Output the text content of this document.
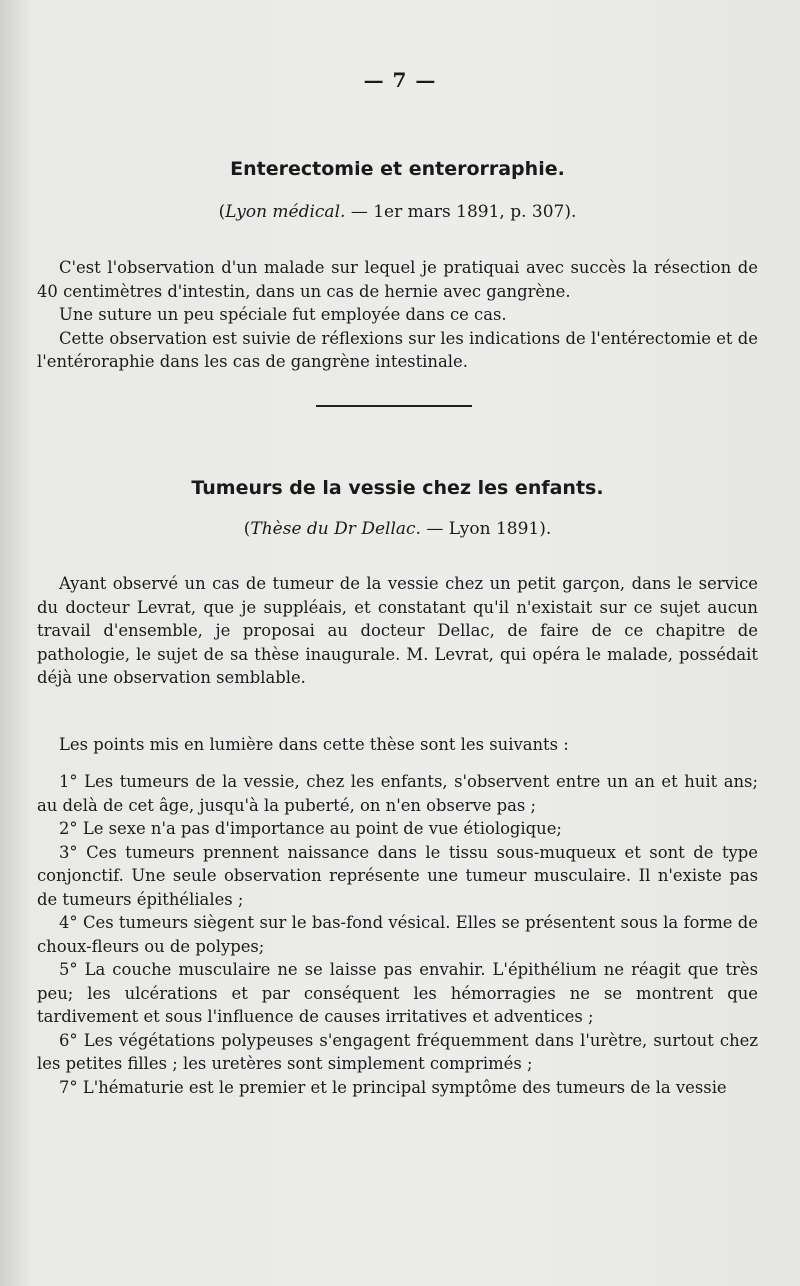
— 7 —
Enterectomie et enterorraphie.
(Lyon médical. — 1er mars 1891, p. 307).

C'est l'observation d'un malade sur lequel je pratiquai avec succès la résection de 40 centimètres d'intestin, dans un cas de hernie avec gangrène.

Une suture un peu spéciale fut employée dans ce cas.

Cette observation est suivie de réflexions sur les indications de l'entérectomie et de l'entéroraphie dans les cas de gangrène intestinale.

Tumeurs de la vessie chez les enfants.
(Thèse du Dr Dellac. — Lyon 1891).

Ayant observé un cas de tumeur de la vessie chez un petit garçon, dans le service du docteur Levrat, que je suppléais, et constatant qu'il n'existait sur ce sujet aucun travail d'ensemble, je proposai au docteur Dellac, de faire de ce chapitre de pathologie, le sujet de sa thèse inaugurale. M. Levrat, qui opéra le malade, possédait déjà une observation semblable.

Les points mis en lumière dans cette thèse sont les suivants :

1° Les tumeurs de la vessie, chez les enfants, s'observent entre un an et huit ans; au delà de cet âge, jusqu'à la puberté, on n'en observe pas ;

2° Le sexe n'a pas d'importance au point de vue étiologique;

3° Ces tumeurs prennent naissance dans le tissu sous-muqueux et sont de type conjonctif. Une seule observation représente une tumeur musculaire. Il n'existe pas de tumeurs épithéliales ;

4° Ces tumeurs siègent sur le bas-fond vésical. Elles se présentent sous la forme de choux-fleurs ou de polypes;

5° La couche musculaire ne se laisse pas envahir. L'épithélium ne réagit que très peu; les ulcérations et par conséquent les hémorragies ne se montrent que tardivement et sous l'influence de causes irritatives et adventices ;

6° Les végétations polypeuses s'engagent fréquemment dans l'urètre, surtout chez les petites filles ; les uretères sont simplement comprimés ;

7° L'hématurie est le premier et le principal symptôme des tumeurs de la vessie
